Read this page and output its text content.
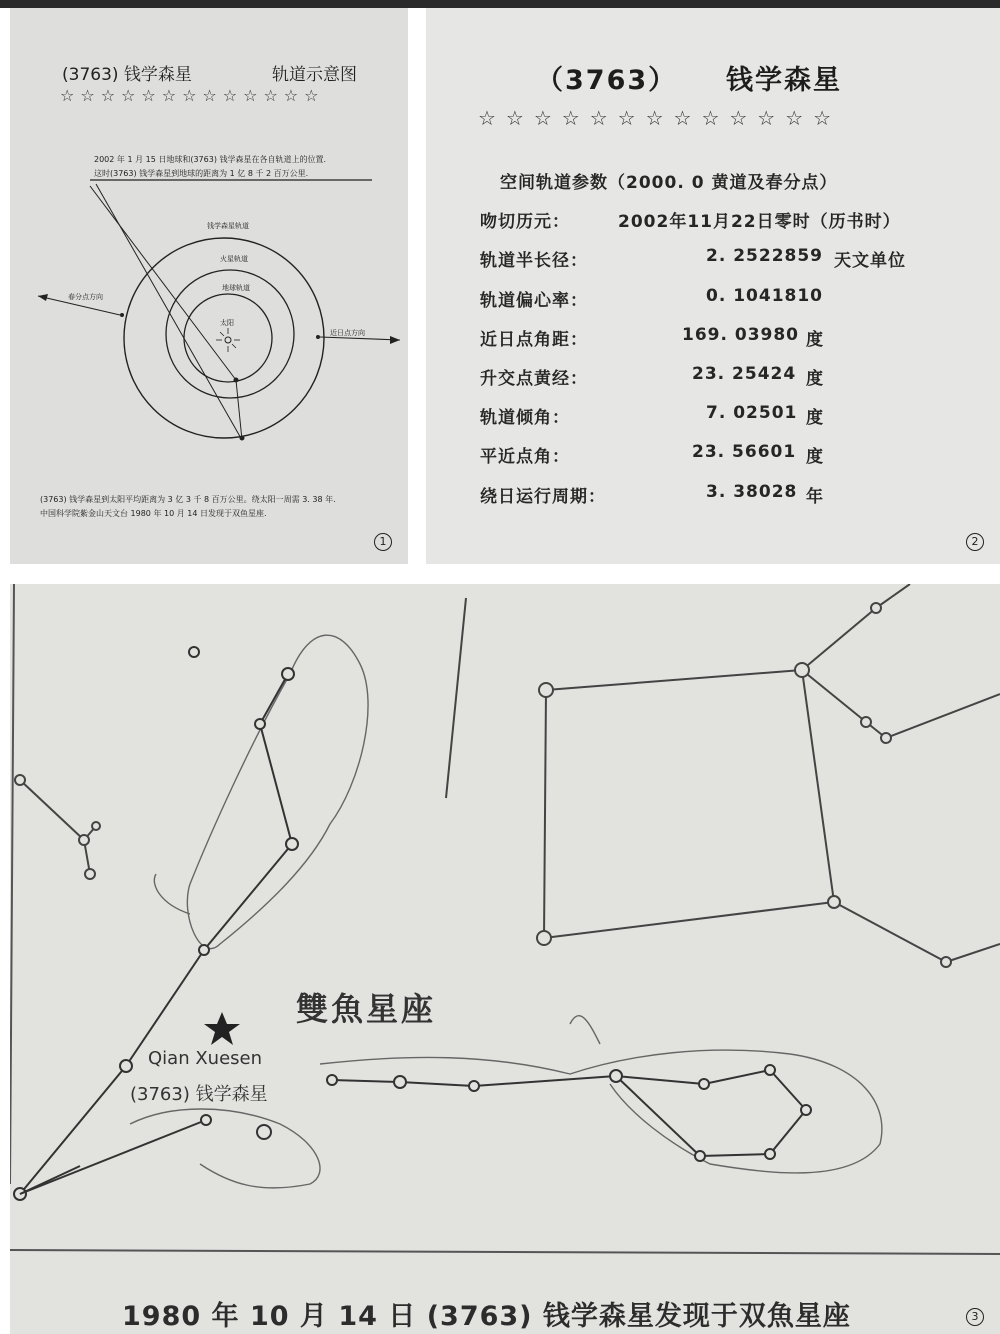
(3763) 钱学森星	轨道示意图
☆☆☆☆☆☆☆☆☆☆☆☆☆
2002 年 1 月 15 日地球和(3763) 钱学森星在各自轨道上的位置.
这时(3763) 钱学森星到地球的距离为 1 亿 8 千 2 百万公里.
钱学森星轨道
火星轨道
地球轨道
太阳
春分点方向
近日点方向
(3763) 钱学森星到太阳平均距离为 3 亿 3 千 8 百万公里。绕太阳一周需 3. 38 年.
中国科学院紫金山天文台 1980 年 10 月 14 日发现于双鱼星座.
1
（3763） 钱学森星
☆☆☆☆☆☆☆☆☆☆☆☆☆
空间轨道参数（2000. 0 黄道及春分点）
吻切历元：	2002年11月22日零时（历书时）
轨道半长径：	2. 2522859 天文单位
轨道偏心率：	0. 1041810
近日点角距：	169. 03980 度
升交点黄经：	23. 25424 度
轨道倾角：	7. 02501 度
平近点角：	23. 56601 度
绕日运行周期：	3. 38028 年
2
雙魚星座
Qian Xuesen
(3763) 钱学森星
1980 年 10 月 14 日 (3763) 钱学森星发现于双魚星座	3
